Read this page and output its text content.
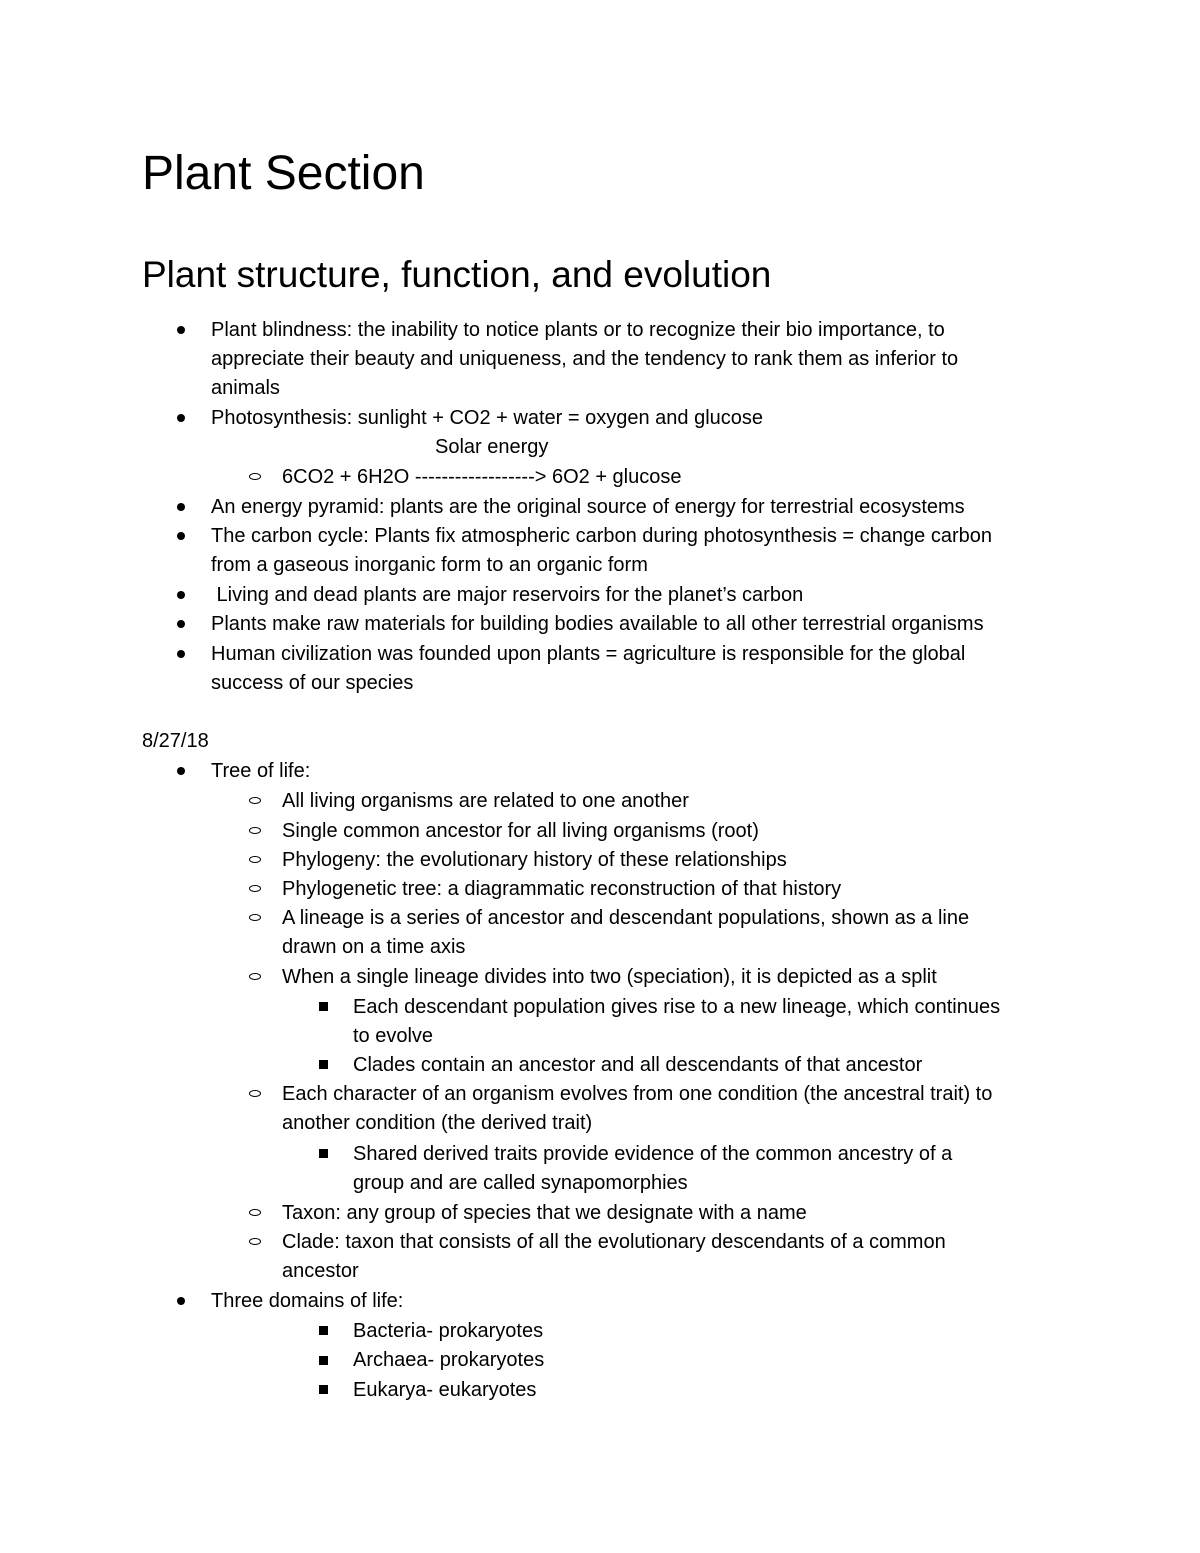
Plant Section
Plant structure, function, and evolution
Plant blindness: the inability to notice plants or to recognize their bio importance, to
appreciate their beauty and uniqueness, and the tendency to rank them as inferior to
animals
Photosynthesis: sunlight + CO2 + water = oxygen and glucose
Solar energy
6CO2 + 6H2O ------------------> 6O2 + glucose
An energy pyramid: plants are the original source of energy for terrestrial ecosystems
The carbon cycle: Plants fix atmospheric carbon during photosynthesis = change carbon
from a gaseous inorganic form to an organic form
Living and dead plants are major reservoirs for the planet’s carbon
Plants make raw materials for building bodies available to all other terrestrial organisms
Human civilization was founded upon plants = agriculture is responsible for the global
success of our species
8/27/18
Tree of life:
All living organisms are related to one another
Single common ancestor for all living organisms (root)
Phylogeny: the evolutionary history of these relationships
Phylogenetic tree: a diagrammatic reconstruction of that history
A lineage is a series of ancestor and descendant populations, shown as a line
drawn on a time axis
When a single lineage divides into two (speciation), it is depicted as a split
Each descendant population gives rise to a new lineage, which continues
to evolve
Clades contain an ancestor and all descendants of that ancestor
Each character of an organism evolves from one condition (the ancestral trait) to
another condition (the derived trait)
Shared derived traits provide evidence of the common ancestry of a
group and are called synapomorphies
Taxon: any group of species that we designate with a name
Clade: taxon that consists of all the evolutionary descendants of a common
ancestor
Three domains of life:
Bacteria- prokaryotes
Archaea- prokaryotes
Eukarya- eukaryotes
